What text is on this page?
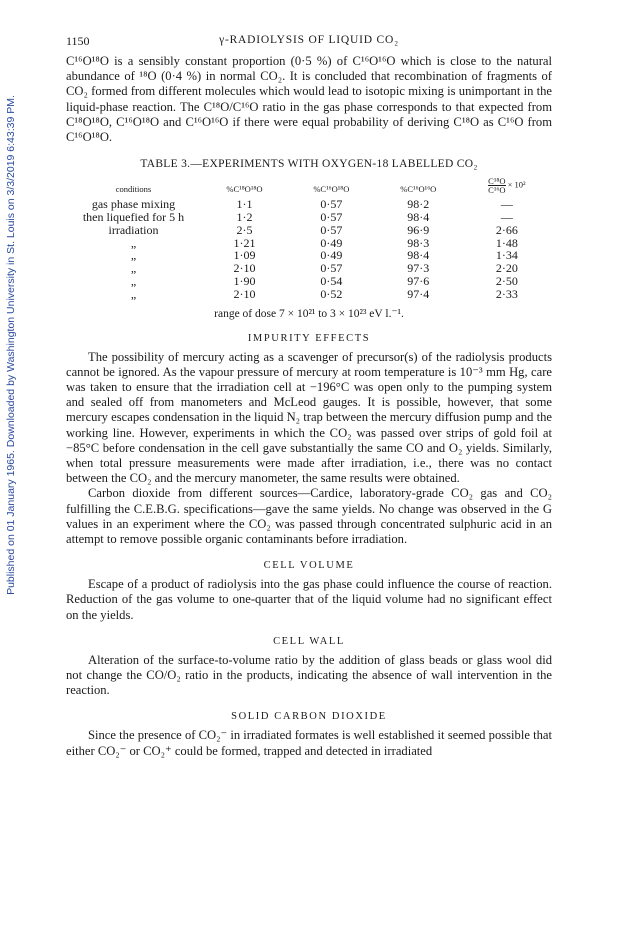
Published on 01 January 1965. Downloaded by Washington University in St. Louis on 3/3/2019 6:43:39 PM.
1150	γ-RADIOLYSIS OF LIQUID CO₂

C¹⁶O¹⁸O is a sensibly constant proportion (0·5 %) of C¹⁶O¹⁶O which is close to the natural abundance of ¹⁸O (0·4 %) in normal CO₂. It is concluded that recombination of fragments of CO₂ formed from different molecules which would lead to isotopic mixing is unimportant in the liquid-phase reaction. The C¹⁸O/C¹⁶O ratio in the gas phase corresponds to that expected from C¹⁸O¹⁸O, C¹⁶O¹⁸O and C¹⁶O¹⁶O if there were equal probability of deriving C¹⁸O as C¹⁶O from C¹⁶O¹⁸O.

TABLE 3.—EXPERIMENTS WITH OXYGEN-18 LABELLED CO₂
conditions	%C¹⁸O¹⁸O	%C¹⁶O¹⁸O	%C¹⁶O¹⁶O	$\frac{\text{C¹⁸O}}{\text{C¹⁶O}} \times 10^2$
gas phase mixing	1·1	0·57	98·2	—
then liquefied for 5 h	1·2	0·57	98·4	—
irradiation	2·5	0·57	96·9	2·66
„	1·21	0·49	98·3	1·48
„	1·09	0·49	98·4	1·34
„	2·10	0·57	97·3	2·20
„	1·90	0·54	97·6	2·50
„	2·10	0·52	97·4	2·33
range of dose 7 × 10²¹ to 3 × 10²³ eV l.⁻¹.
IMPURITY EFFECTS

The possibility of mercury acting as a scavenger of precursor(s) of the radiolysis products cannot be ignored. As the vapour pressure of mercury at room temperature is 10⁻³ mm Hg, care was taken to ensure that the irradiation cell at −196°C was open only to the pumping system and sealed off from manometers and McLeod gauges. It is possible, however, that some mercury escapes condensation in the liquid N₂ trap between the mercury diffusion pump and the working line. However, experiments in which the CO₂ was passed over strips of gold foil at −85°C before condensation in the cell gave substantially the same CO and O₂ yields. Similarly, when total pressure measurements were made after irradiation, i.e., there was no contact between the CO₂ and the mercury manometer, the same results were obtained.

Carbon dioxide from different sources—Cardice, laboratory-grade CO₂ gas and CO₂ fulfilling the C.E.B.G. specifications—gave the same yields. No change was observed in the G values in an experiment where the CO₂ was passed through concentrated sulphuric acid in an attempt to remove possible organic contaminants before irradiation.

CELL VOLUME

Escape of a product of radiolysis into the gas phase could influence the course of reaction. Reduction of the gas volume to one-quarter that of the liquid volume had no significant effect on the yields.

CELL WALL

Alteration of the surface-to-volume ratio by the addition of glass beads or glass wool did not change the CO/O₂ ratio in the products, indicating the absence of wall intervention in the reaction.

SOLID CARBON DIOXIDE

Since the presence of CO₂⁻ in irradiated formates is well established it seemed possible that either CO₂⁻ or CO₂⁺ could be formed, trapped and detected in irradiated
